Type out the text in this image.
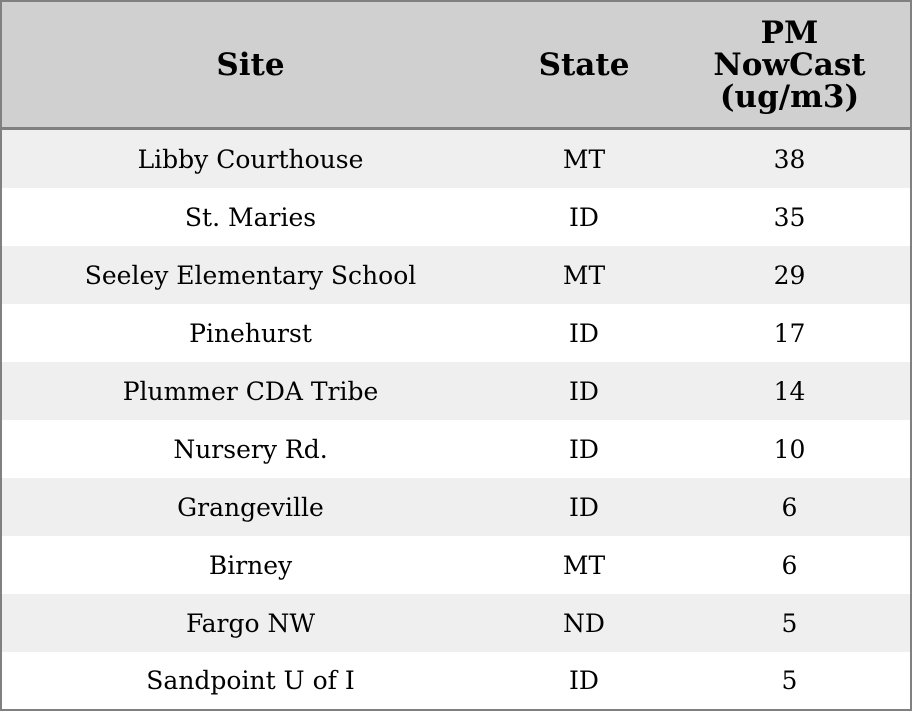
Site	State	PM
NowCast
(ug/m3)

Libby Courthouse	MT	38
St. Maries	ID	35
Seeley Elementary School	MT	29
Pinehurst	ID	17
Plummer CDA Tribe	ID	14
Nursery Rd.	ID	10
Grangeville	ID	6
Birney	MT	6
Fargo NW	ND	5
Sandpoint U of I	ID	5
